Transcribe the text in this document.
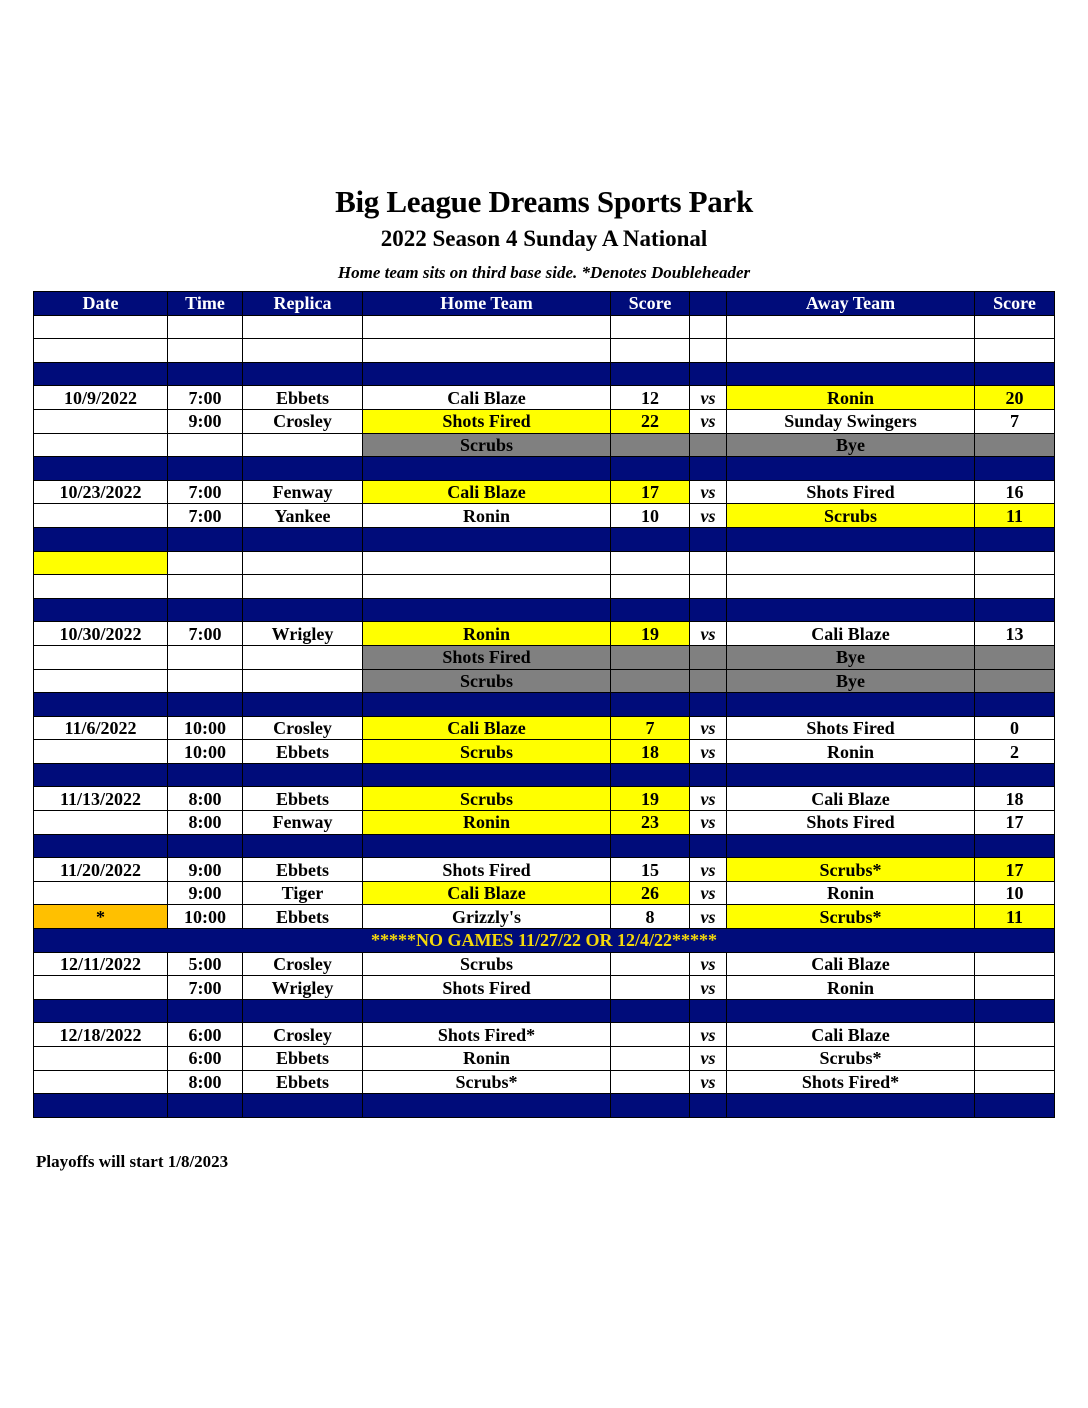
Big League Dreams Sports Park
2022 Season 4 Sunday A National
Home team sits on third base side. *Denotes Doubleheader
Date	Time	Replica	Home Team	Score		Away Team	Score

10/9/2022	7:00	Ebbets	Cali Blaze	12	vs	Ronin	20
	9:00	Crosley	Shots Fired	22	vs	Sunday Swingers	7
			Scrubs			Bye	

10/23/2022	7:00	Fenway	Cali Blaze	17	vs	Shots Fired	16
	7:00	Yankee	Ronin	10	vs	Scrubs	11

10/30/2022	7:00	Wrigley	Ronin	19	vs	Cali Blaze	13
			Shots Fired			Bye	
			Scrubs			Bye	

11/6/2022	10:00	Crosley	Cali Blaze	7	vs	Shots Fired	0
	10:00	Ebbets	Scrubs	18	vs	Ronin	2

11/13/2022	8:00	Ebbets	Scrubs	19	vs	Cali Blaze	18
	8:00	Fenway	Ronin	23	vs	Shots Fired	17

11/20/2022	9:00	Ebbets	Shots Fired	15	vs	Scrubs*	17
	9:00	Tiger	Cali Blaze	26	vs	Ronin	10
*	10:00	Ebbets	Grizzly's	8	vs	Scrubs*	11
*****NO GAMES 11/27/22 OR 12/4/22*****							
12/11/2022	5:00	Crosley	Scrubs		vs	Cali Blaze	
	7:00	Wrigley	Shots Fired		vs	Ronin	

12/18/2022	6:00	Crosley	Shots Fired*		vs	Cali Blaze	
	6:00	Ebbets	Ronin		vs	Scrubs*	
	8:00	Ebbets	Scrubs*		vs	Shots Fired*	

Playoffs will start 1/8/2023
